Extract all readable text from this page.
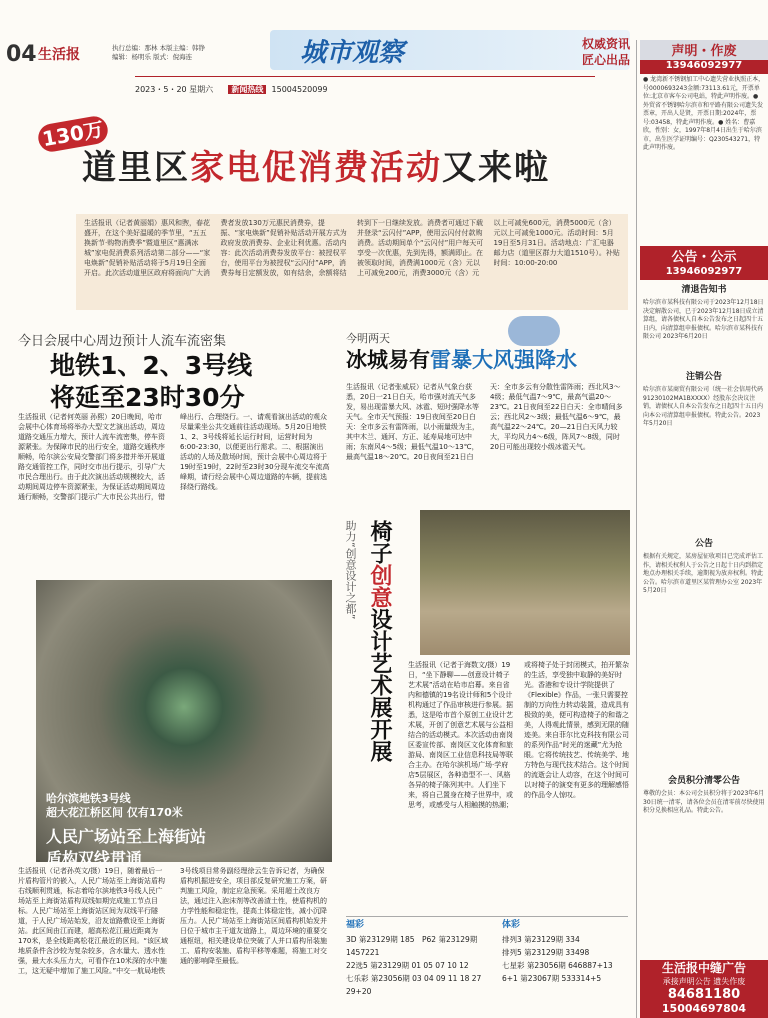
04 生活报	执行总编：那林 本版主编：韩铮
编辑：杨明乐 版式：倪海连	城市观察	权威资讯
匠心出品
2023・5・20 星期六 新闻热线 15004520099
130万
道里区家电促消费活动又来啦
生活报讯（记者黄丽娟）惠风和煦，春花盛开，在这个美好温暖的季节里，“五五换新节·购物消费季”暨道里区“惠满冰城”家电促消费系列活动第二部分——“家电焕新”促销补贴活动将于5月19日全面开启。此次活动道里区政府将面向广大消费者发放130万元惠民消费券，提振、“家电焕新”促销补贴活动开展方式为政府发放消费券、企业让利优惠。活动内容：此次活动消费券发放平台：被授权平台，使用平台为被授权“云闪付”APP，消费券每日定额发放，如有结余，余额将结转到下一日继续发放。消费者可通过下载并登录“云闪付”APP，使用云闪付付款购消费。活动期间单个“云闪付”用户每天可享受一次优惠，先到先得，额满即止。在被领取时间，消费满1000元（含）元以上可减免200元，消费3000元（含）元以上可减免600元，消费5000元（含）元以上可减免1000元。活动时间：5月19日至5月31日。活动地点：广汇电器邮力店（道里区群力大道1510号）。补贴时间：10:00-20:00
今日会展中心周边预计人流车流密集
地铁1、2、3号线
将延至23时30分
生活报讯（记者何英丽 孙熙）20日晚间，哈市会展中心体育场将举办大型文艺演出活动，周边道路交通压力增大，预计人流车流密集，停车资源紧张。为保障市民的出行安全，道路交通秩序顺畅，哈尔滨公安局交警部门将多措并举开展道路交通管控工作，同时交市出行提示，引导广大市民合理出行。由于此次演出活动规模较大，活动期间周边停车资源紧张，为保证活动期间周边通行顺畅，交警部门提示广大市民公共出行，错峰出行、合理绕行。一、请观看演出活动的观众尽量乘坐公共交通前往活动现场。5月20日地铁1、2、3号线将延长运行时间，运营时间为6:00-23:30，以便更出行需求。二、根据演出活动的人场及散场时间，预计会展中心周边将于19时至19时，22时至23时30分现车流交车流高峰期，请行经会展中心周边道路的车辆，提前选择绕行路线。
哈尔滨地铁3号线
超大花江桥区间 仅有170米
人民广场站至上海街站
盾构双线贯通
生活报讯（记者孙英文/摄）19日，随着最后一片盾构管片的嵌入，人民广场站至上海街站盾构右线顺利贯通，标志着哈尔滨地铁3号线人民广场站至上海街站盾构双线如期完成施工节点目标。人民广场站至上海街站区间为双线平行隧道，于人民广场站始发，沿友谊路敷设至上海街站。此区间由江而建，超高松花江最近距离为170米，是全线距离松花江最近的区间。“该区域地质条件含沙较为复杂较多，含水量大、透水性强，最大水头压力大，可看作在10米深的水中施工，这无疑中增加了施工风险。”中交一航局地铁3号线项目常务副经理徐云生告诉记者，为确保盾构机掘进安全，项目部反复研究施工方案，研判施工风险，制定应急预案。采用超土改良方法，通过注入泡沫剂等改善渣土性，使盾构机的力学性能和稳定性，提高土体稳定性，减小沉降压力。人民广场站至上海街站区间盾构机始发并日位于城市主干道友谊路上，周边环境的重要交通枢纽，相关建设单位突破了人并口盾构吊装施工、盾构安装施、盾构平移等难题，将施工对交通的影响降至最低。
今明两天
冰城易有雷暴大风强降水
生活报讯（记者张威辰）记者从气象台获悉，20日一21日白天，哈市强对流天气多发，易出现雷暴大风、冰雹、短时强降水等天气。全市天气预报：19日夜间至20日白天：全市多云有雷阵雨，以小雨量级为主，其中木兰、通河、方正、延寿局地可达中雨；东南风4～5级；最低气温10～13℃，最高气温18～20℃。20日夜间至21日白天：全市多云有分散性雷阵雨；西北风3～4级；最低气温7～9℃，最高气温20～23℃。21日夜间至22日白天：全市晴间多云；西北风2～3级；最低气温6～9℃，最高气温22～24℃。20—21日白天风力较大，平均风力4～6级，阵风7～8级，同时20日可能出现较小级冰雹天气。
助力“创意设计之都” 椅子创意设计艺术展开展 生活报讯（记者于海数文/摄）19日，“坐下静聊——创意设计椅子艺术展”活动在哈市启幕。来自省内和德镇的19名设计师和5个设计机构通过了作品审核进行参展。据悉，这是哈市首个原创工业设计艺术展，开创了创意艺术展与公益相结合的活动模式。本次活动由南岗区委宣传部、南岗区文化体育和旅游局、南岗区工业信息科技局等联合主办。在哈尔滨机场广场·学府店5层展区，各种造型不一、风格各异的椅子陈列其中。人们坐下来，将自己置身在椅子世界中，或思考，或感受与人相触摸的热潮；或将椅子处于封闭模式，拍开繁杂的生活，享受独中取静的美好时光。香港和专设计学院提供了《Flexible》作品，一张只需要控制的万向性力转动装置，造成具有极致的美，便可构造椅子的和谐之美，人得观此情景，感到无限的随迹美。来自菲尔比克科技有限公司的系列作品“时光的迷藏”尤为抢眼。它将传统技艺、传统美学、地方特色与现代技术结合。这个时间的流逝会让人动容，在这个时间可以对椅子的演变有更多的理解感悟的作品令人惊叹。
福彩
3D 第23129期 185　P62 第23129期 1457221
22选5 第23129期 01 05 07 10 12
七乐彩 第23056期 03 04 09 11 18 27 29+20
体彩
排列3 第23129期 334
排列5 第23129期 33498
七星彩 第23056期 646887+13
6+1 第23067期 533314+5
声明・作废
13946092977
● 龙湾新不锈钢加工中心遗失营业执照正本，号0000693243金额:73113.61元，开票单位:北京市客车公司电站，特此声明作废。● 外贸省不锈钢哈尔滨市和平路有限公司遗失发票章，开出人是贤，开票日期:2024年，票号:03458，特此声明作废。● 姓名：曹嘉欣，性别：女，1997年8月4日出生于哈尔滨市，出生医学证明编号：Q230543271，特此声明作废。
公告・公示
13946092977
清退告知书
哈尔滨市某科技有限公司于2023年12月18日决定解散公司，已于2023年12月18日成立清算组，请各债权人自本公告发布之日起四十五日内，向清算组申报债权。哈尔滨市某科技有限公司 2023年6月20日
注销公告
哈尔滨市某商贸有限公司（统一社会信用代码91230102MA1BXXXX）经股东会决议注销，请债权人自本公告发布之日起四十五日内向本公司清算组申报债权。特此公告。2023年5月20日
公告
根据有关规定，某房屋征收项目已完成评估工作，请相关权利人于公告之日起十日内到指定地点办理相关手续，逾期视为放弃权利。特此公告。哈尔滨市道里区某管理办公室 2023年5月20日
会员积分清零公告
尊敬的会员：本公司会员积分将于2023年6月30日统一清零，请各位会员在清零前尽快使用积分兑换相应礼品。特此公告。
生活报中缝广告
承接声明公告 遗失作废
84681180
15004697804
